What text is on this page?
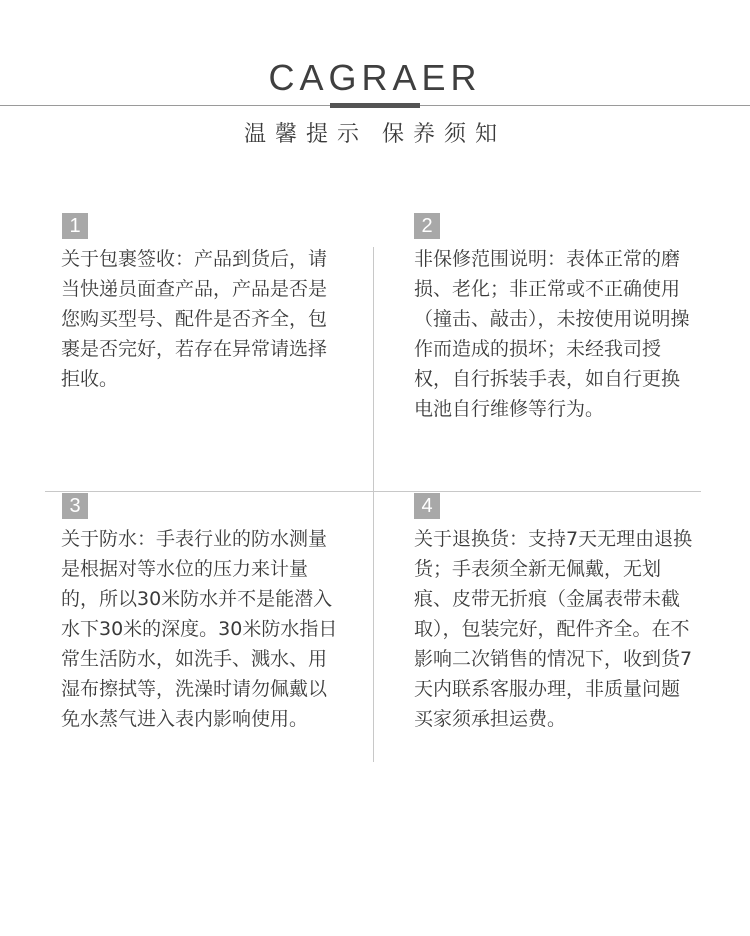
CAGRAER
温馨提示 保养须知
1

关于包裹签收：产品到货后，请当快递员面查产品，产品是否是您购买型号、配件是否齐全，包裹是否完好，若存在异常请选择拒收。

2

非保修范围说明：表体正常的磨损、老化；非正常或不正确使用（撞击、敲击），未按使用说明操作而造成的损坏；未经我司授权，自行拆装手表，如自行更换电池自行维修等行为。

3

关于防水：手表行业的防水测量是根据对等水位的压力来计量的，所以30米防水并不是能潜入水下30米的深度。30米防水指日常生活防水，如洗手、溅水、用湿布擦拭等，洗澡时请勿佩戴以免水蒸气进入表内影响使用。

4

关于退换货：支持7天无理由退换货；手表须全新无佩戴，无划痕、皮带无折痕（金属表带未截取），包装完好，配件齐全。在不影响二次销售的情况下，收到货7天内联系客服办理，非质量问题买家须承担运费。
